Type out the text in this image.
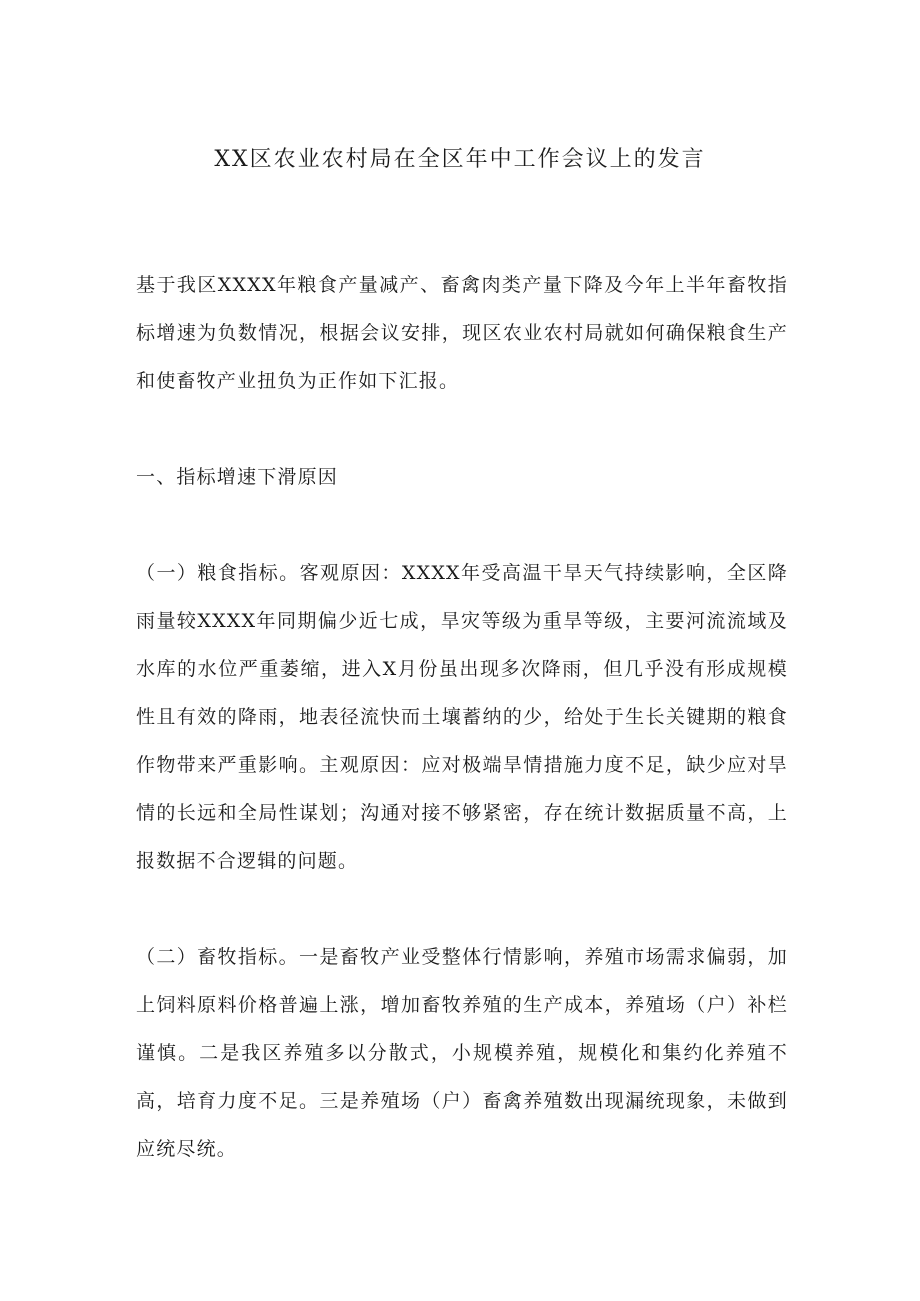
XX区农业农村局在全区年中工作会议上的发言

基于我区XXXX年粮食产量减产、畜禽肉类产量下降及今年上半年畜牧指标增速为负数情况，根据会议安排，现区农业农村局就如何确保粮食生产和使畜牧产业扭负为正作如下汇报。

一、指标增速下滑原因

（一）粮食指标。客观原因：XXXX年受高温干旱天气持续影响，全区降雨量较XXXX年同期偏少近七成，旱灾等级为重旱等级，主要河流流域及水库的水位严重萎缩，进入X月份虽出现多次降雨，但几乎没有形成规模性且有效的降雨，地表径流快而土壤蓄纳的少，给处于生长关键期的粮食作物带来严重影响。主观原因：应对极端旱情措施力度不足，缺少应对旱情的长远和全局性谋划；沟通对接不够紧密，存在统计数据质量不高，上报数据不合逻辑的问题。

（二）畜牧指标。一是畜牧产业受整体行情影响，养殖市场需求偏弱，加上饲料原料价格普遍上涨，增加畜牧养殖的生产成本，养殖场（户）补栏谨慎。二是我区养殖多以分散式，小规模养殖，规模化和集约化养殖不高，培育力度不足。三是养殖场（户）畜禽养殖数出现漏统现象，未做到应统尽统。
